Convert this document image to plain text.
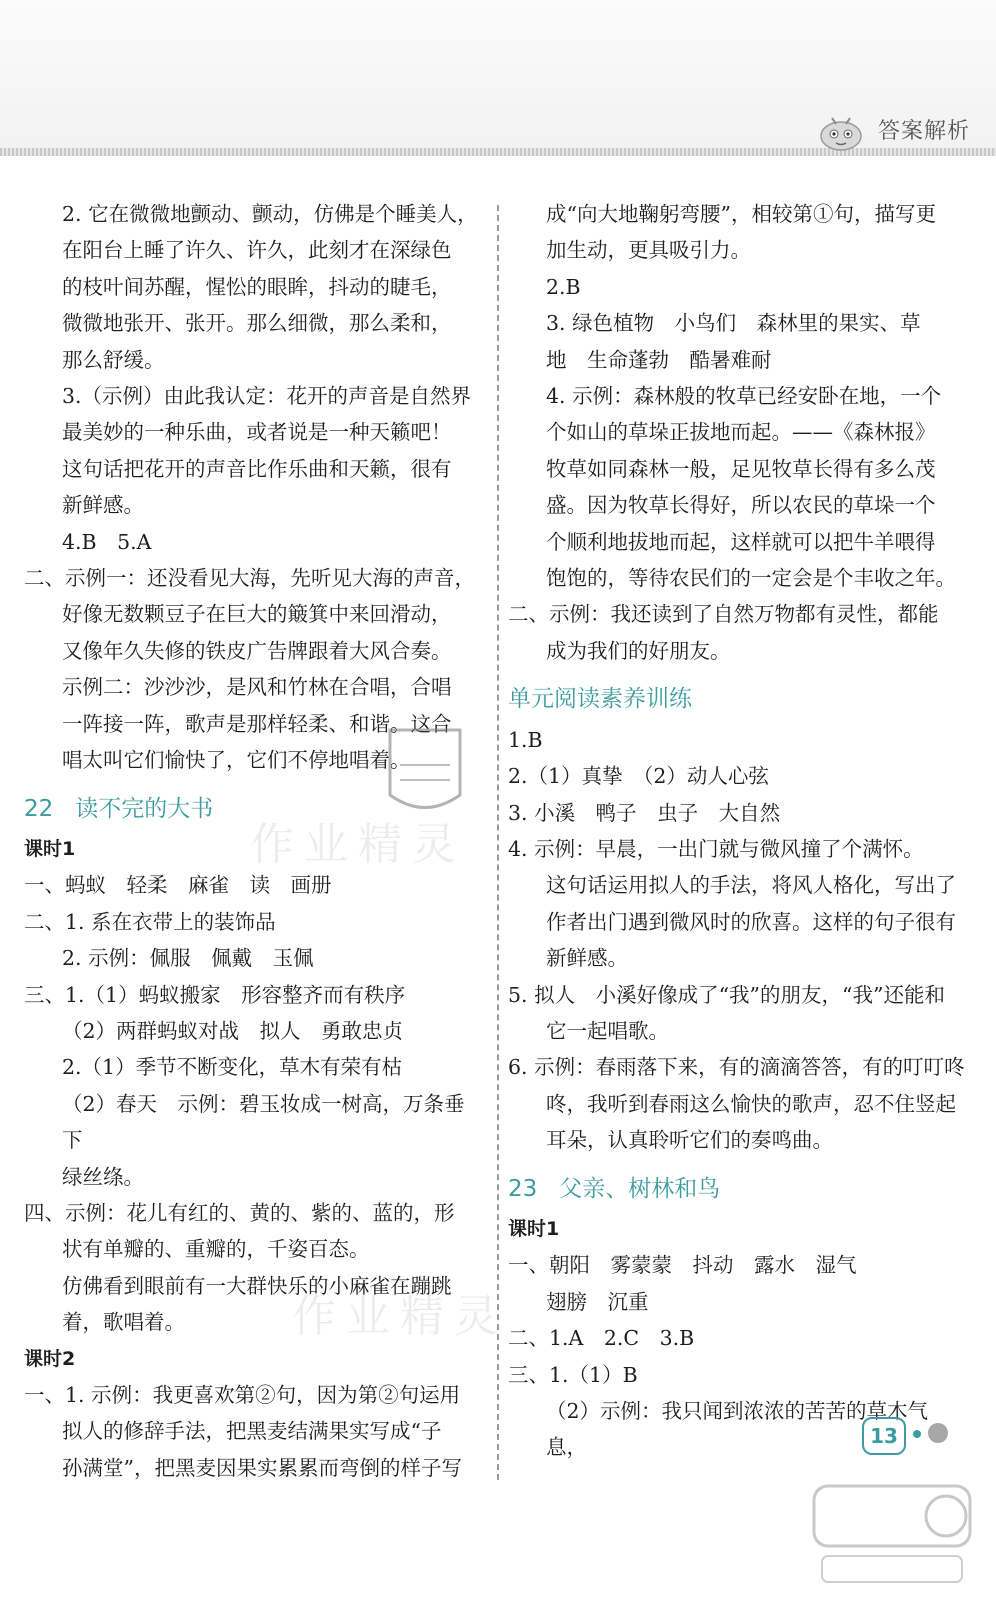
答案解析

2. 它在微微地颤动、颤动，仿佛是个睡美人，

在阳台上睡了许久、许久，此刻才在深绿色

的枝叶间苏醒，惺忪的眼眸，抖动的睫毛，

微微地张开、张开。那么细微，那么柔和，

那么舒缓。

3.（示例）由此我认定：花开的声音是自然界

最美妙的一种乐曲，或者说是一种天籁吧！

这句话把花开的声音比作乐曲和天籁，很有

新鲜感。

4.B　5.A

二、示例一：还没看见大海，先听见大海的声音，

好像无数颗豆子在巨大的簸箕中来回滑动，

又像年久失修的铁皮广告牌跟着大风合奏。

示例二：沙沙沙，是风和竹林在合唱，合唱

一阵接一阵，歌声是那样轻柔、和谐。这合

唱太叫它们愉快了，它们不停地唱着。

22 读不完的大书

课时1

一、蚂蚁　轻柔　麻雀　读　画册

二、1. 系在衣带上的装饰品

2. 示例：佩服　佩戴　玉佩

三、1.（1）蚂蚁搬家　形容整齐而有秩序

（2）两群蚂蚁对战　拟人　勇敢忠贞

2.（1）季节不断变化，草木有荣有枯

（2）春天　示例：碧玉妆成一树高，万条垂下

绿丝绦。

四、示例：花儿有红的、黄的、紫的、蓝的，形

状有单瓣的、重瓣的，千姿百态。

仿佛看到眼前有一大群快乐的小麻雀在蹦跳

着，歌唱着。

课时2

一、1. 示例：我更喜欢第②句，因为第②句运用

拟人的修辞手法，把黑麦结满果实写成“子

孙满堂”，把黑麦因果实累累而弯倒的样子写

成“向大地鞠躬弯腰”，相较第①句，描写更

加生动，更具吸引力。

2.B

3. 绿色植物　小鸟们　森林里的果实、草

地　生命蓬勃　酷暑难耐

4. 示例：森林般的牧草已经安卧在地，一个

个如山的草垛正拔地而起。——《森林报》

牧草如同森林一般，足见牧草长得有多么茂

盛。因为牧草长得好，所以农民的草垛一个

个顺利地拔地而起，这样就可以把牛羊喂得

饱饱的，等待农民们的一定会是个丰收之年。

二、示例：我还读到了自然万物都有灵性，都能

成为我们的好朋友。

单元阅读素养训练

1.B

2.（1）真挚　（2）动人心弦

3. 小溪　鸭子　虫子　大自然

4. 示例：早晨，一出门就与微风撞了个满怀。

这句话运用拟人的手法，将风人格化，写出了

作者出门遇到微风时的欣喜。这样的句子很有

新鲜感。

5. 拟人　小溪好像成了“我”的朋友，“我”还能和

它一起唱歌。

6. 示例：春雨落下来，有的滴滴答答，有的叮叮咚

咚，我听到春雨这么愉快的歌声，忍不住竖起

耳朵，认真聆听它们的奏鸣曲。

23 父亲、树林和鸟

课时1

一、朝阳　雾蒙蒙　抖动　露水　湿气

翅膀　沉重

二、1.A　2.C　3.B

三、1.（1）B

（2）示例：我只闻到浓浓的苦苦的草木气息，

作业精灵
作业精灵
13
